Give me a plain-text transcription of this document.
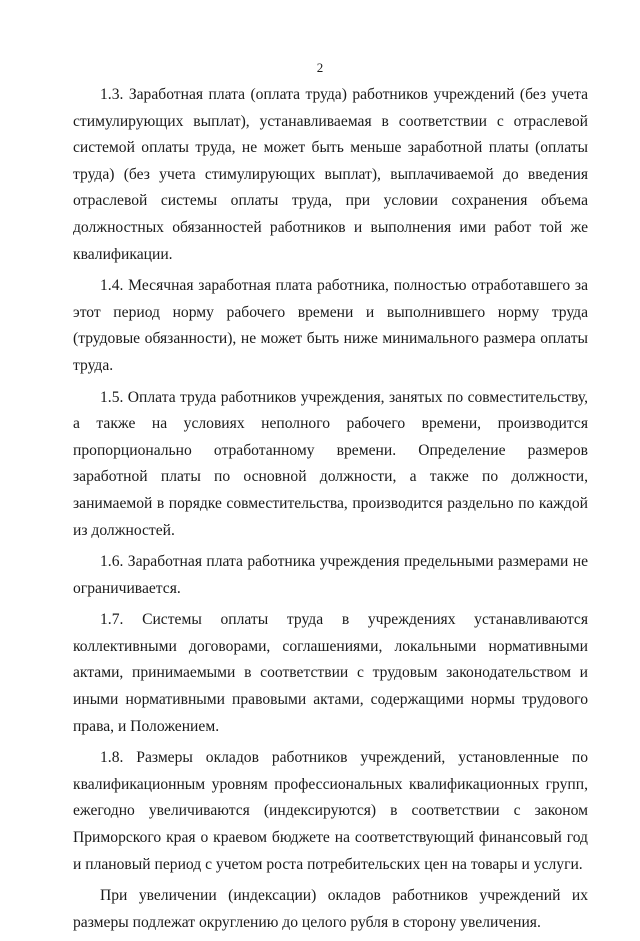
2

1.3. Заработная плата (оплата труда) работников учреждений (без учета стимулирующих выплат), устанавливаемая в соответствии с отраслевой системой оплаты труда, не может быть меньше заработной платы (оплаты труда) (без учета стимулирующих выплат), выплачиваемой до введения отраслевой системы оплаты труда, при условии сохранения объема должностных обязанностей работников и выполнения ими работ той же квалификации.

1.4. Месячная заработная плата работника, полностью отработавшего за этот период норму рабочего времени и выполнившего норму труда (трудовые обязанности), не может быть ниже минимального размера оплаты труда.

1.5. Оплата труда работников учреждения, занятых по совместительству, а также на условиях неполного рабочего времени, производится пропорционально отработанному времени. Определение размеров заработной платы по основной должности, а также по должности, занимаемой в порядке совместительства, производится раздельно по каждой из должностей.

1.6. Заработная плата работника учреждения предельными размерами не ограничивается.

1.7. Системы оплаты труда в учреждениях устанавливаются коллективными договорами, соглашениями, локальными нормативными актами, принимаемыми в соответствии с трудовым законодательством и иными нормативными правовыми актами, содержащими нормы трудового права, и Положением.

1.8. Размеры окладов работников учреждений, установленные по квалификационным уровням профессиональных квалификационных групп, ежегодно увеличиваются (индексируются) в соответствии с законом Приморского края о краевом бюджете на соответствующий финансовый год и плановый период с учетом роста потребительских цен на товары и услуги.

При увеличении (индексации) окладов работников учреждений их размеры подлежат округлению до целого рубля в сторону увеличения.
